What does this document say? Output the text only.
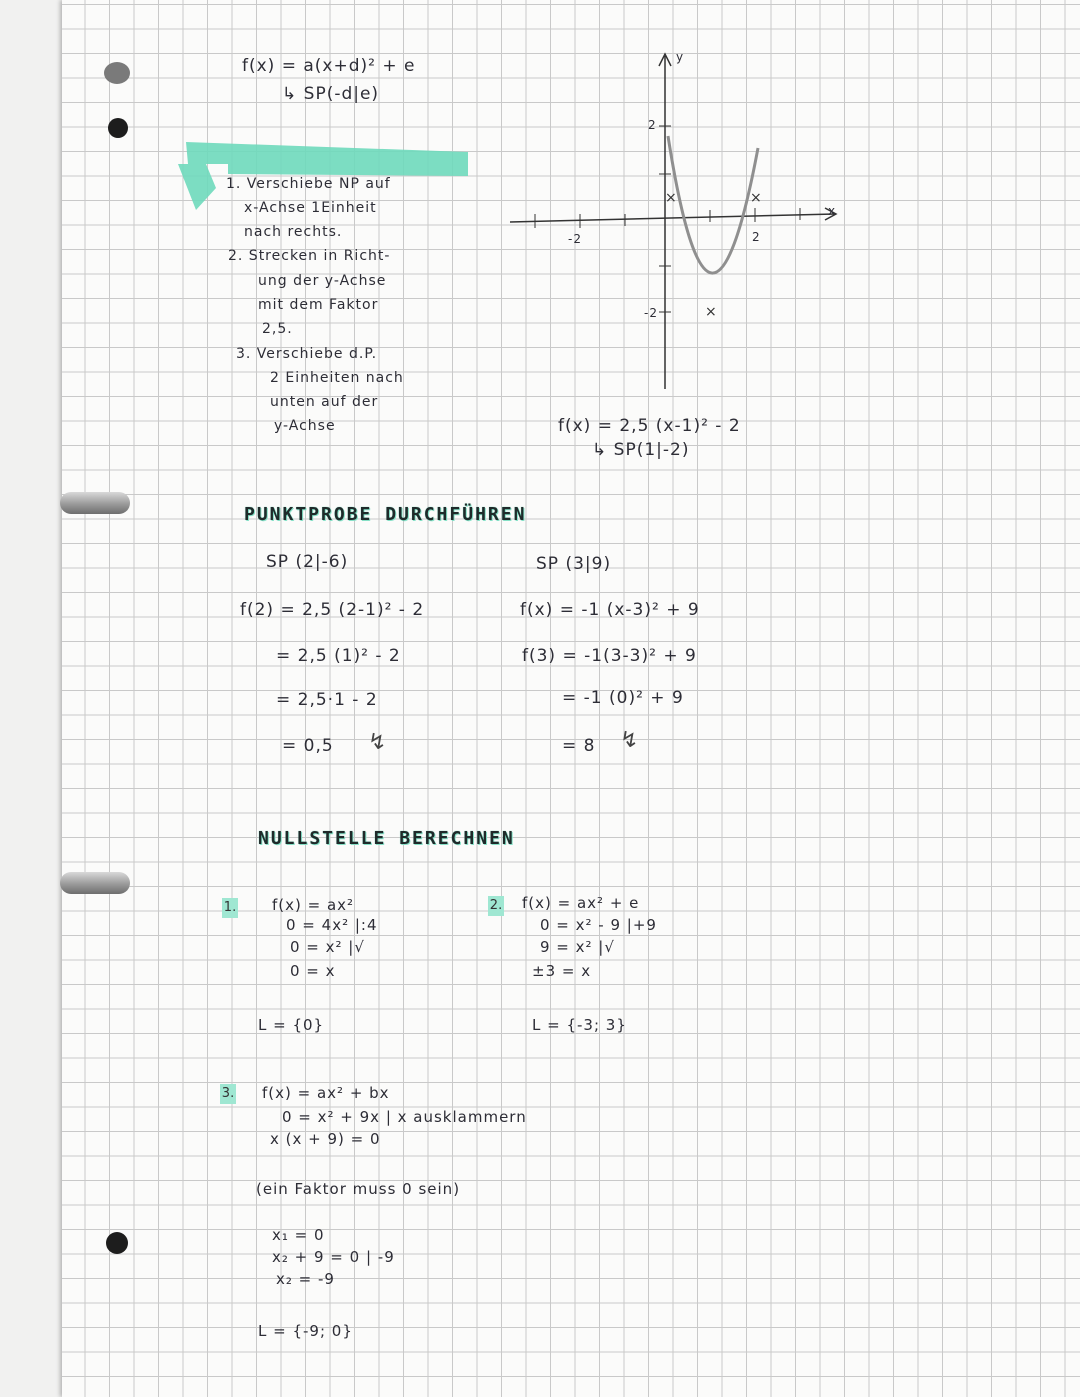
f(x) = a(x+d)² + e
↳ SP(-d|e)
1. Verschiebe NP auf
x-Achse 1Einheit
nach rechts.
2. Strecken in Richt-
ung der y-Achse
mit dem Faktor
2,5.
3. Verschiebe d.P.
2 Einheiten nach
unten auf der
y-Achse
×
×
×
x
y
-2	2
2
-2
f(x) = 2,5 (x-1)² - 2
↳ SP(1|-2)
PUNKTPROBE DURCHFÜHREN
SP (2|-6)
f(2) = 2,5 (2-1)² - 2
= 2,5 (1)² - 2
= 2,5·1 - 2
= 0,5 ↯
SP (3|9)
f(x) = -1 (x-3)² + 9
f(3) = -1(3-3)² + 9
= -1 (0)² + 9
= 8 ↯
NULLSTELLE BERECHNEN
1. f(x) = ax²
0 = 4x² |:4
0 = x² |√
0 = x
L = {0}
2. f(x) = ax² + e
0 = x² - 9 |+9
9 = x² |√
±3 = x
L = {-3; 3}
3. f(x) = ax² + bx
0 = x² + 9x | x ausklammern
x (x + 9) = 0
(ein Faktor muss 0 sein)
x₁ = 0
x₂ + 9 = 0 | -9
x₂ = -9
L = {-9; 0}
